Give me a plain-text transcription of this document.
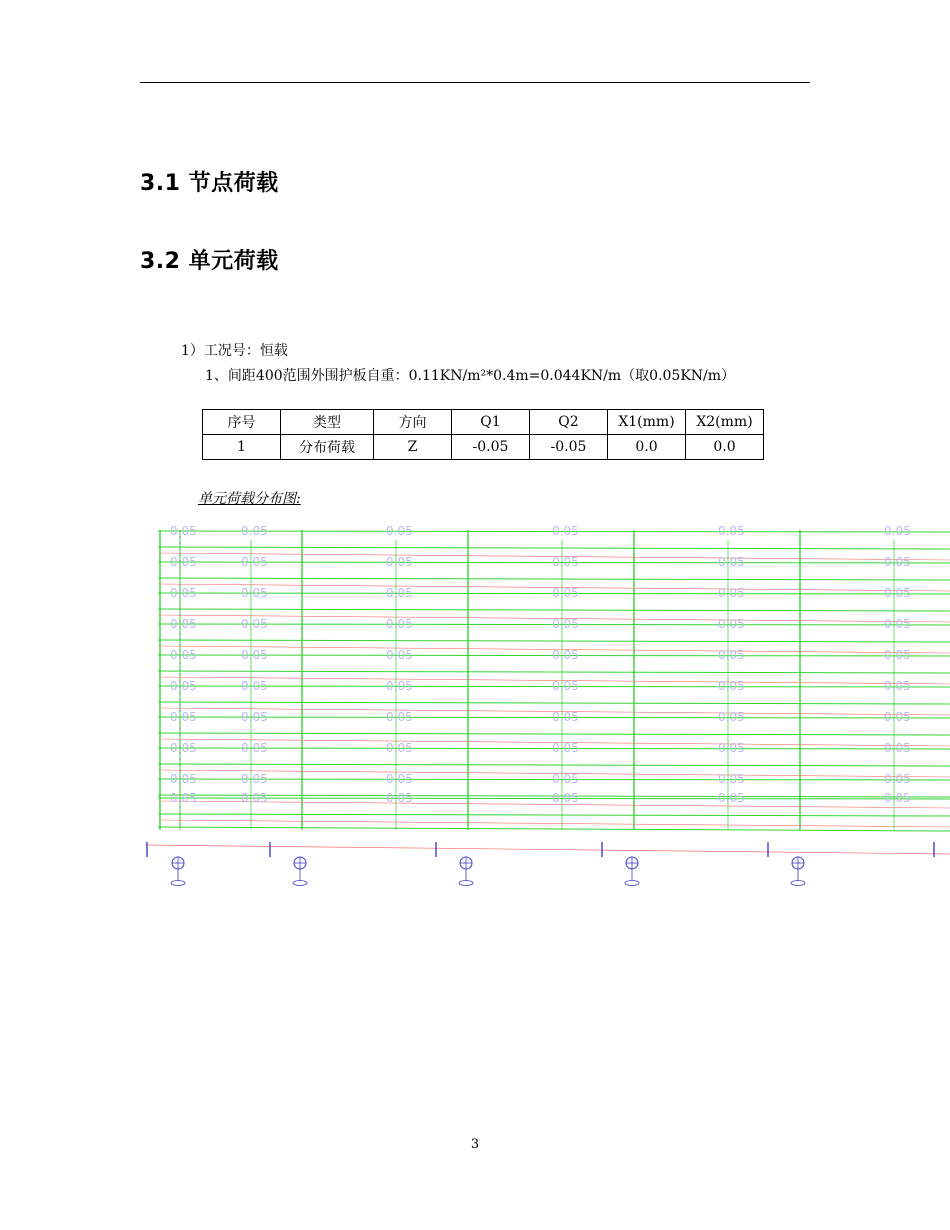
3.1 节点荷载
3.2 单元荷载
1）工况号：恒载
1、间距400范围外围护板自重：0.11KN/m²*0.4m=0.044KN/m（取0.05KN/m）
序号	类型	方向	Q1	Q2	X1(mm)	X2(mm)
1	分布荷载	Z	-0.05	-0.05	0.0	0.0
单元荷载分布图:
0.05
0.05
0.05
0.05
0.05
0.05
0.05
0.05
0.05
0.05
0.05
0.05
0.05
0.05
0.05
0.05
0.05
0.05
0.05
0.05
0.05
0.05
0.05
0.05
0.05
0.05
0.05
0.05
0.05
0.05
0.05
0.05
0.05
0.05
0.05
0.05
0.05
0.05
0.05
0.05
0.05
0.05
0.05
0.05
0.05
0.05
0.05
0.05
0.05
0.05
0.05
0.05
0.05
0.05
0.05
0.05
0.05
0.05
0.05
0.05
3
